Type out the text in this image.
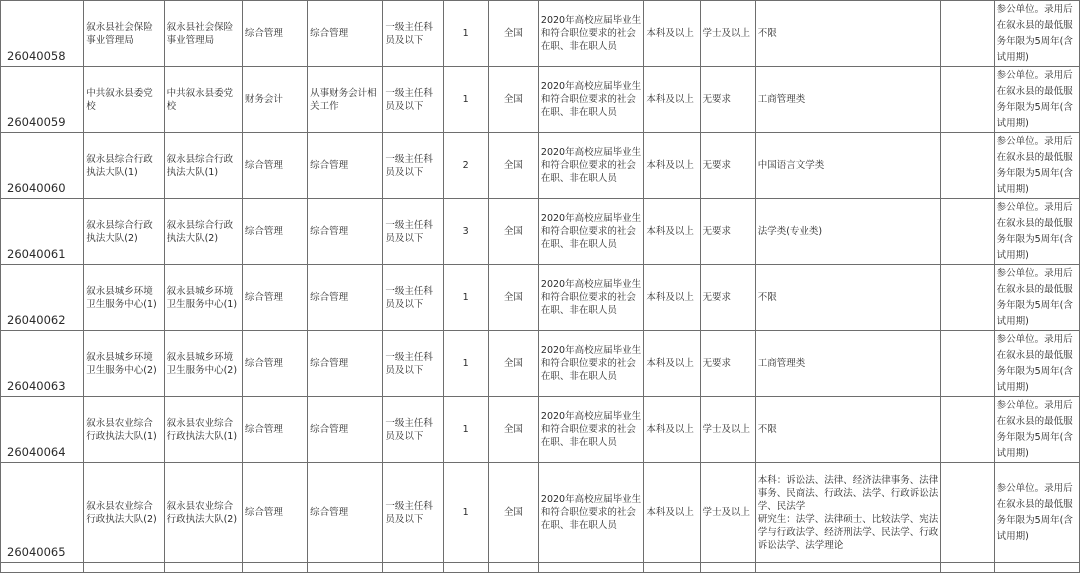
26040058	叙永县社会保险事业管理局	叙永县社会保险事业管理局	综合管理	综合管理	一级主任科员及以下	1	全国	2020年高校应届毕业生和符合职位要求的社会在职、非在职人员	本科及以上	学士及以上	不限		参公单位。录用后在叙永县的最低服务年限为5周年(含试用期)
26040059	中共叙永县委党校	中共叙永县委党校	财务会计	从事财务会计相关工作	一级主任科员及以下	1	全国	2020年高校应届毕业生和符合职位要求的社会在职、非在职人员	本科及以上	无要求	工商管理类		参公单位。录用后在叙永县的最低服务年限为5周年(含试用期)
26040060	叙永县综合行政执法大队(1)	叙永县综合行政执法大队(1)	综合管理	综合管理	一级主任科员及以下	2	全国	2020年高校应届毕业生和符合职位要求的社会在职、非在职人员	本科及以上	无要求	中国语言文学类		参公单位。录用后在叙永县的最低服务年限为5周年(含试用期)
26040061	叙永县综合行政执法大队(2)	叙永县综合行政执法大队(2)	综合管理	综合管理	一级主任科员及以下	3	全国	2020年高校应届毕业生和符合职位要求的社会在职、非在职人员	本科及以上	无要求	法学类(专业类)		参公单位。录用后在叙永县的最低服务年限为5周年(含试用期)
26040062	叙永县城乡环境卫生服务中心(1)	叙永县城乡环境卫生服务中心(1)	综合管理	综合管理	一级主任科员及以下	1	全国	2020年高校应届毕业生和符合职位要求的社会在职、非在职人员	本科及以上	无要求	不限		参公单位。录用后在叙永县的最低服务年限为5周年(含试用期)
26040063	叙永县城乡环境卫生服务中心(2)	叙永县城乡环境卫生服务中心(2)	综合管理	综合管理	一级主任科员及以下	1	全国	2020年高校应届毕业生和符合职位要求的社会在职、非在职人员	本科及以上	无要求	工商管理类		参公单位。录用后在叙永县的最低服务年限为5周年(含试用期)
26040064	叙永县农业综合行政执法大队(1)	叙永县农业综合行政执法大队(1)	综合管理	综合管理	一级主任科员及以下	1	全国	2020年高校应届毕业生和符合职位要求的社会在职、非在职人员	本科及以上	学士及以上	不限		参公单位。录用后在叙永县的最低服务年限为5周年(含试用期)
26040065	叙永县农业综合行政执法大队(2)	叙永县农业综合行政执法大队(2)	综合管理	综合管理	一级主任科员及以下	1	全国	2020年高校应届毕业生和符合职位要求的社会在职、非在职人员	本科及以上	学士及以上	本科：诉讼法、法律、经济法律事务、法律事务、民商法、行政法、法学、行政诉讼法学、民法学
研究生：法学、法律硕士、比较法学、宪法学与行政法学、经济刑法学、民法学、行政诉讼法学、法学理论		参公单位。录用后在叙永县的最低服务年限为5周年(含试用期)
